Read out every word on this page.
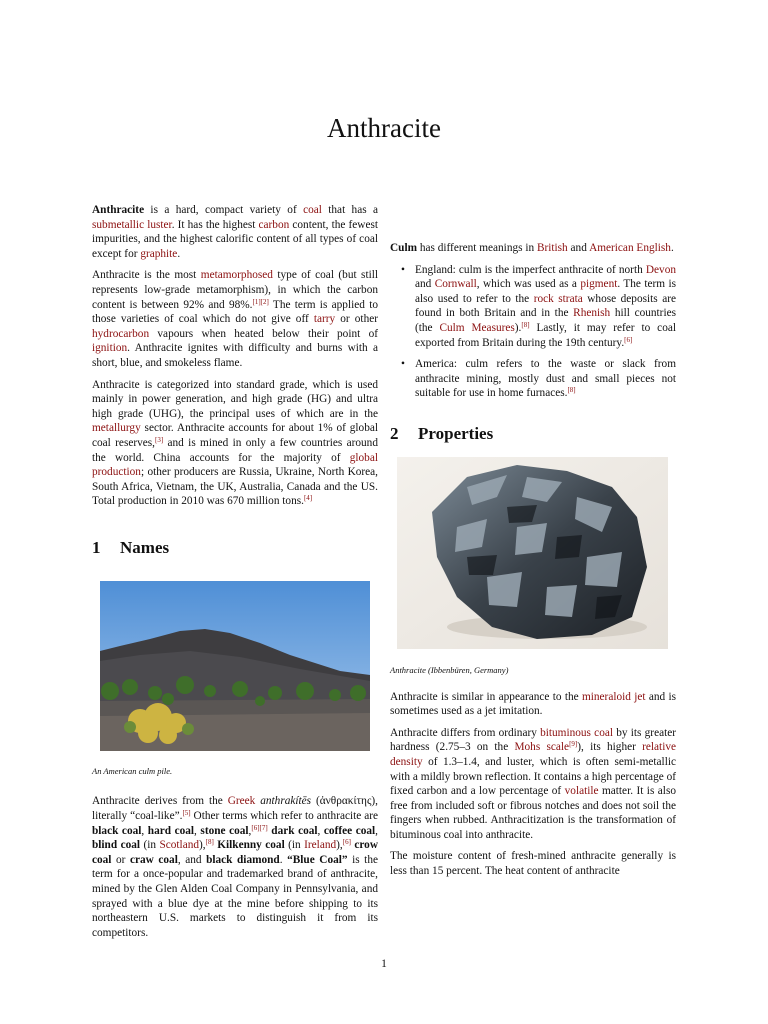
Anthracite

Anthracite is a hard, compact variety of coal that has a submetallic luster. It has the highest carbon content, the fewest impurities, and the highest calorific content of all types of coal except for graphite.

Anthracite is the most metamorphosed type of coal (but still represents low-grade metamorphism), in which the carbon content is between 92% and 98%.[1][2] The term is applied to those varieties of coal which do not give off tarry or other hydrocarbon vapours when heated below their point of ignition. Anthracite ignites with difficulty and burns with a short, blue, and smokeless flame.

Anthracite is categorized into standard grade, which is used mainly in power generation, and high grade (HG) and ultra high grade (UHG), the principal uses of which are in the metallurgy sector. Anthracite accounts for about 1% of global coal reserves,[3] and is mined in only a few countries around the world. China accounts for the majority of global production; other producers are Russia, Ukraine, North Korea, South Africa, Vietnam, the UK, Australia, Canada and the US. Total production in 2010 was 670 million tons.[4]

1 Names

An American culm pile.

Anthracite derives from the Greek anthrakítēs (ἀνθρακίτης), literally “coal-like”.[5] Other terms which refer to anthracite are black coal, hard coal, stone coal,[6][7] dark coal, coffee coal, blind coal (in Scotland),[8] Kilkenny coal (in Ireland),[6] crow coal or craw coal, and black diamond. “Blue Coal” is the term for a once-popular and trademarked brand of anthracite, mined by the Glen Alden Coal Company in Pennsylvania, and sprayed with a blue dye at the mine before shipping to its northeastern U.S. markets to distinguish it from its competitors.

Culm has different meanings in British and American English.

• England: culm is the imperfect anthracite of north Devon and Cornwall, which was used as a pigment. The term is also used to refer to the rock strata whose deposits are found in both Britain and in the Rhenish hill countries (the Culm Measures).[8] Lastly, it may refer to coal exported from Britain during the 19th century.[6]
• America: culm refers to the waste or slack from anthracite mining, mostly dust and small pieces not suitable for use in home furnaces.[8]
2 Properties

Anthracite (Ibbenbüren, Germany)

Anthracite is similar in appearance to the mineraloid jet and is sometimes used as a jet imitation.

Anthracite differs from ordinary bituminous coal by its greater hardness (2.75–3 on the Mohs scale[9]), its higher relative density of 1.3–1.4, and luster, which is often semi-metallic with a mildly brown reflection. It contains a high percentage of fixed carbon and a low percentage of volatile matter. It is also free from included soft or fibrous notches and does not soil the fingers when rubbed. Anthracitization is the transformation of bituminous coal into anthracite.

The moisture content of fresh-mined anthracite generally is less than 15 percent. The heat content of anthracite

1
